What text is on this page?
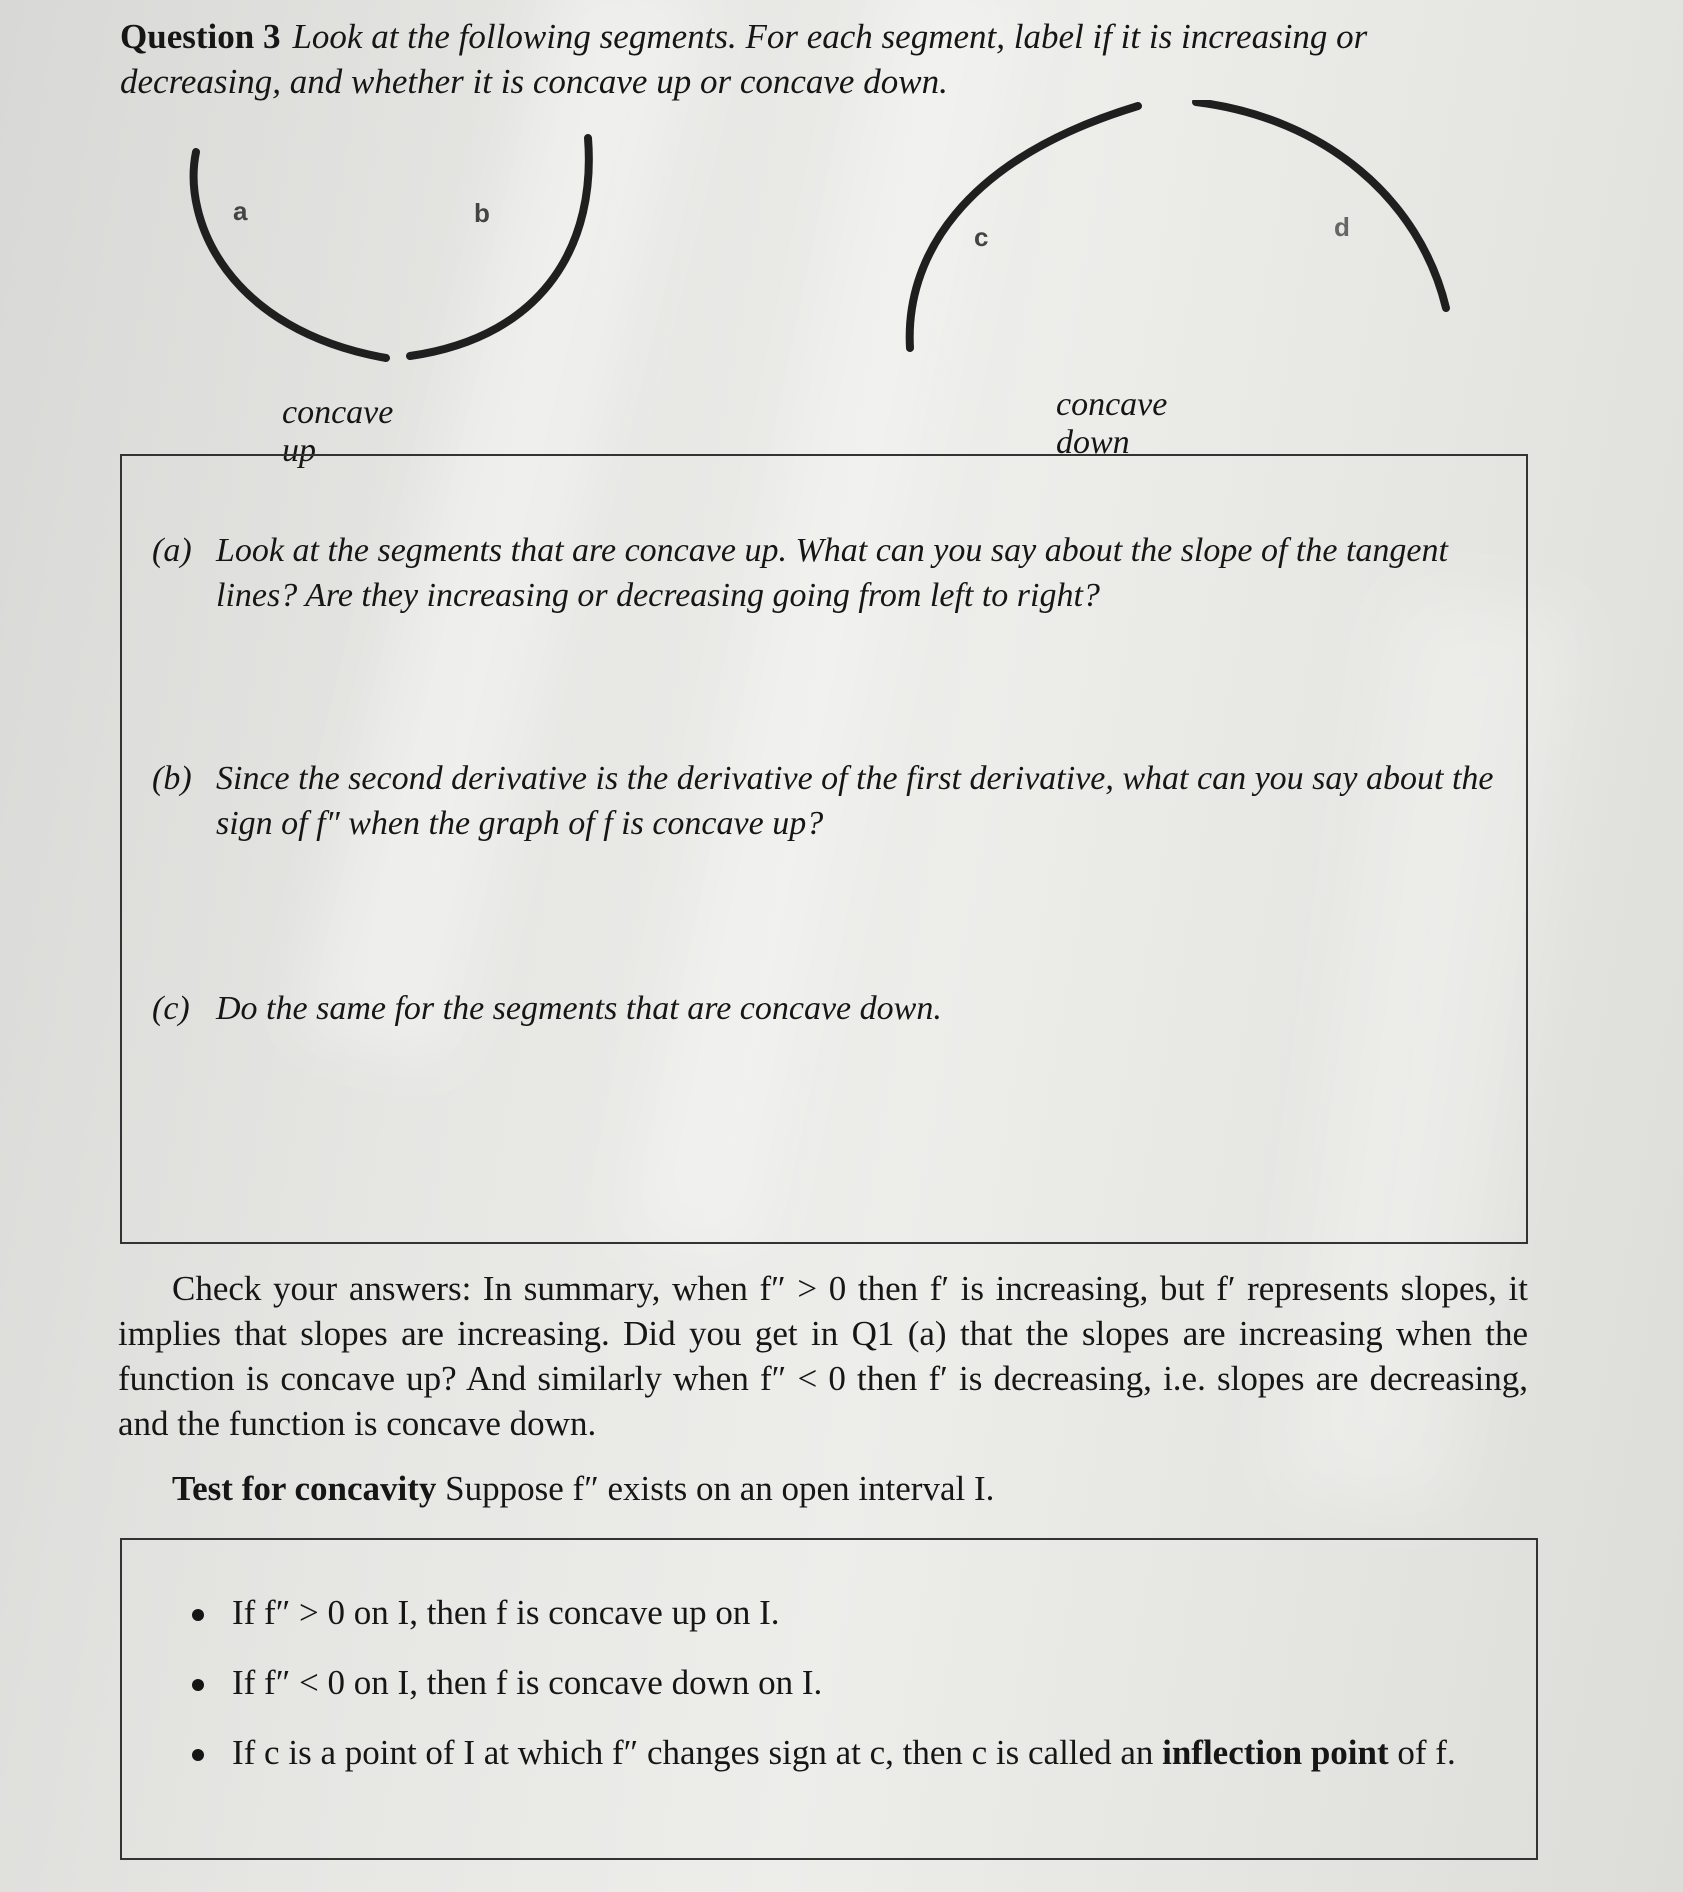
Question 3 Look at the following segments. For each segment, label if it is increasing or decreasing, and whether it is concave up or concave down.
a	b
concave up
c	d
concave down
(a) Look at the segments that are concave up. What can you say about the slope of the tangent lines? Are they increasing or decreasing going from left to right?
(b) Since the second derivative is the derivative of the first derivative, what can you say about the sign of f″ when the graph of f is concave up?
(c) Do the same for the segments that are concave down.
Check your answers: In summary, when f″ > 0 then f′ is increasing, but f′ represents slopes, it implies that slopes are increasing. Did you get in Q1 (a) that the slopes are increasing when the function is concave up? And similarly when f″ < 0 then f′ is decreasing, i.e. slopes are decreasing, and the function is concave down.
Test for concavity Suppose f″ exists on an open interval I.
If f″ > 0 on I, then f is concave up on I.
If f″ < 0 on I, then f is concave down on I.
If c is a point of I at which f″ changes sign at c, then c is called an inflection point of f.
